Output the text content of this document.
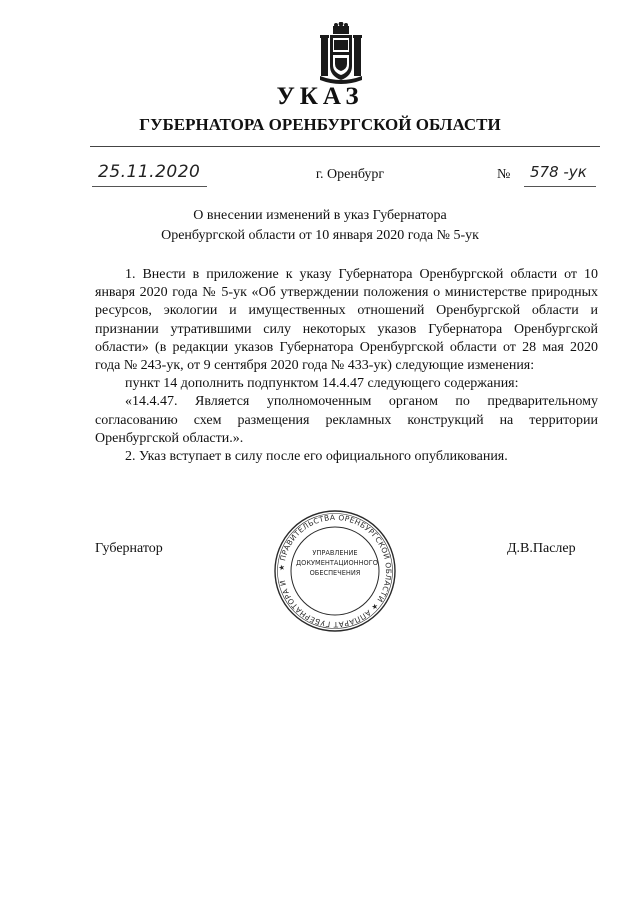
УКАЗ
ГУБЕРНАТОРА ОРЕНБУРГСКОЙ ОБЛАСТИ
25.11.2020	г. Оренбург	№	578 -ук
О внесении изменений в указ Губернатора
Оренбургской области от 10 января 2020 года № 5-ук

1. Внести в приложение к указу Губернатора Оренбургской области от 10 января 2020 года № 5-ук «Об утверждении положения о министерстве природных ресурсов, экологии и имущественных отношений Оренбургской области и признании утратившими силу некоторых указов Губернатора Оренбургской области» (в редакции указов Губернатора Оренбургской области от 28 мая 2020 года № 243-ук, от 9 сентября 2020 года № 433-ук) следующие изменения:

пункт 14 дополнить подпунктом 14.4.47 следующего содержания:

«14.4.47. Является уполномоченным органом по предварительному согласованию схем размещения рекламных конструкций на территории Оренбургской области.».

2. Указ вступает в силу после его официального опубликования.

Губернатор	Д.В.Паслер
★ ПРАВИТЕЛЬСТВА ОРЕНБУРГСКОЙ ОБЛАСТИ ★ АППАРАТ ГУБЕРНАТОРА И
УПРАВЛЕНИЕ
ДОКУМЕНТАЦИОННОГО
ОБЕСПЕЧЕНИЯ
